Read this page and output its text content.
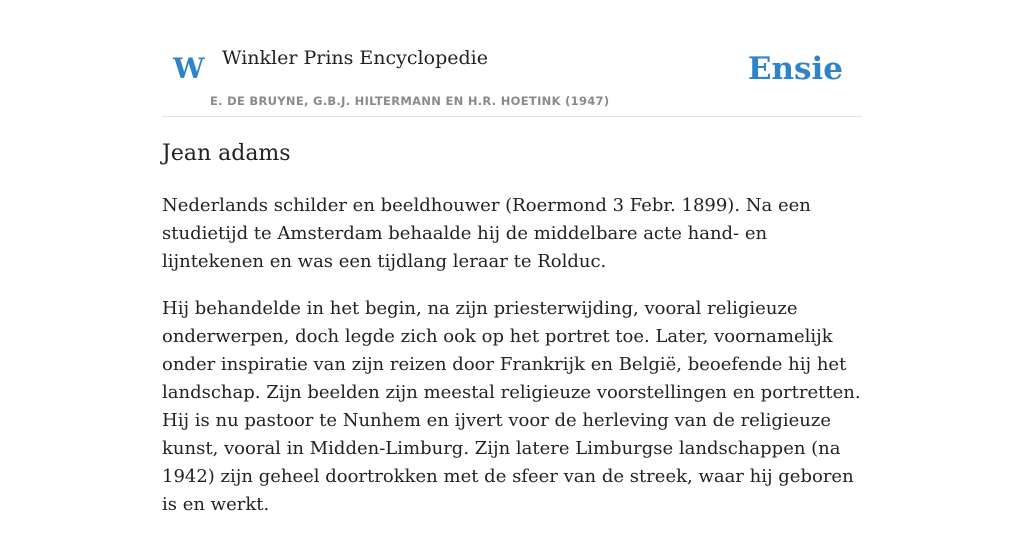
W Winkler Prins Encyclopedie
E. DE BRUYNE, G.B.J. HILTERMANN EN H.R. HOETINK (1947)
Ensie
Jean adams

Nederlands schilder en beeldhouwer (Roermond 3 Febr. 1899). Na een studietijd te Amsterdam behaalde hij de middelbare acte hand- en lijntekenen en was een tijdlang leraar te Rolduc.

Hij behandelde in het begin, na zijn priesterwijding, vooral religieuze onderwerpen, doch legde zich ook op het portret toe. Later, voornamelijk onder inspiratie van zijn reizen door Frankrijk en België, beoefende hij het landschap. Zijn beelden zijn meestal religieuze voorstellingen en portretten. Hij is nu pastoor te Nunhem en ijvert voor de herleving van de religieuze kunst, vooral in Midden-Limburg. Zijn latere Limburgse landschappen (na 1942) zijn geheel doortrokken met de sfeer van de streek, waar hij geboren is en werkt.
